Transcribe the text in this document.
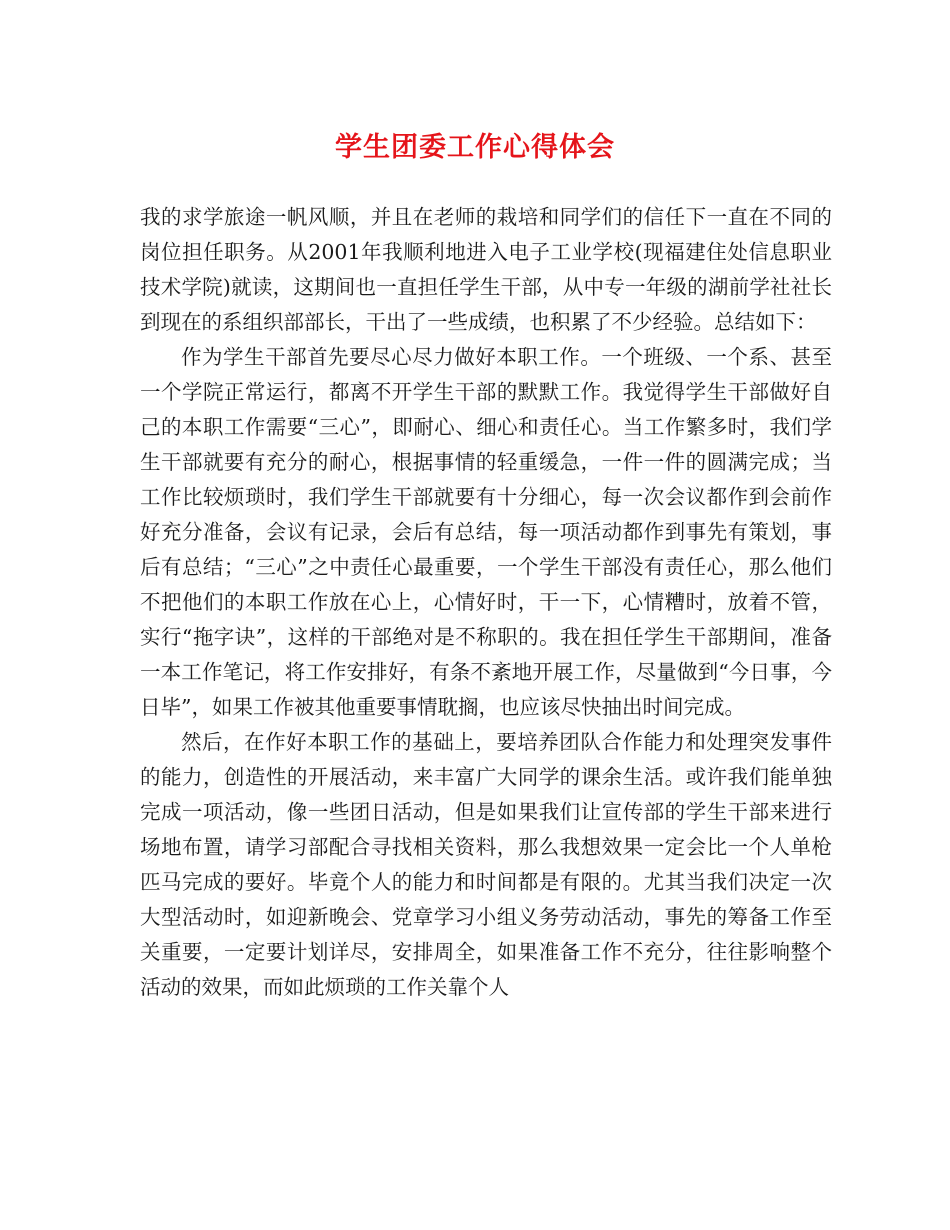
学生团委工作心得体会

我的求学旅途一帆风顺，并且在老师的栽培和同学们的信任下一直在不同的岗位担任职务。从2001年我顺利地进入电子工业学校(现福建住处信息职业技术学院)就读，这期间也一直担任学生干部，从中专一年级的湖前学社社长到现在的系组织部部长，干出了一些成绩，也积累了不少经验。总结如下：

作为学生干部首先要尽心尽力做好本职工作。一个班级、一个系、甚至一个学院正常运行，都离不开学生干部的默默工作。我觉得学生干部做好自己的本职工作需要“三心”，即耐心、细心和责任心。当工作繁多时，我们学生干部就要有充分的耐心，根据事情的轻重缓急，一件一件的圆满完成；当工作比较烦琐时，我们学生干部就要有十分细心，每一次会议都作到会前作好充分准备，会议有记录，会后有总结，每一项活动都作到事先有策划，事后有总结；“三心”之中责任心最重要，一个学生干部没有责任心，那么他们不把他们的本职工作放在心上，心情好时，干一下，心情糟时，放着不管，实行“拖字诀”，这样的干部绝对是不称职的。我在担任学生干部期间，准备一本工作笔记，将工作安排好，有条不紊地开展工作，尽量做到“今日事，今日毕”，如果工作被其他重要事情耽搁，也应该尽快抽出时间完成。

然后，在作好本职工作的基础上，要培养团队合作能力和处理突发事件的能力，创造性的开展活动，来丰富广大同学的课余生活。或许我们能单独完成一项活动，像一些团日活动，但是如果我们让宣传部的学生干部来进行场地布置，请学习部配合寻找相关资料，那么我想效果一定会比一个人单枪匹马完成的要好。毕竟个人的能力和时间都是有限的。尤其当我们决定一次大型活动时，如迎新晚会、党章学习小组义务劳动活动，事先的筹备工作至关重要，一定要计划详尽，安排周全，如果准备工作不充分，往往影响整个活动的效果，而如此烦琐的工作关靠个人
